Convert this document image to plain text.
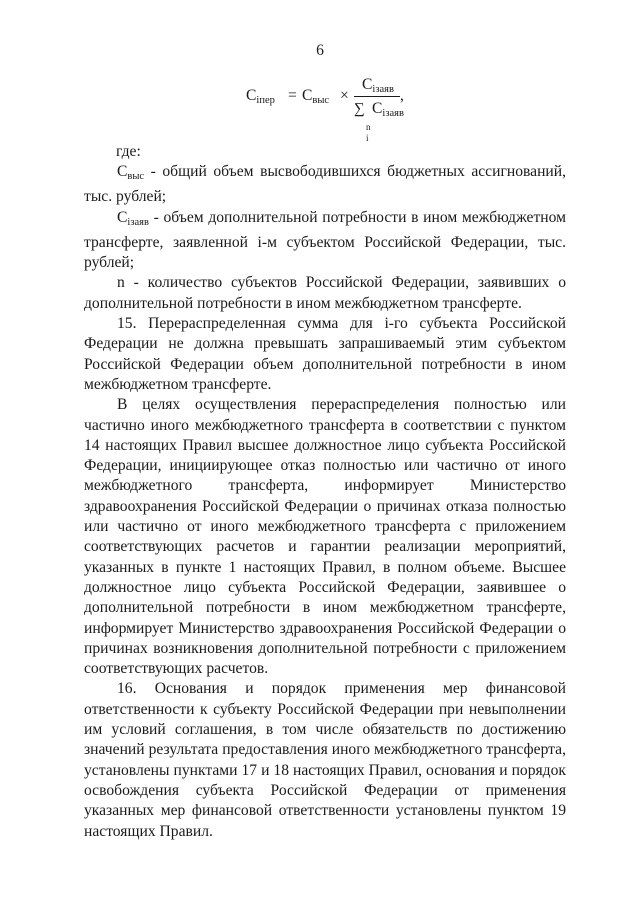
6
$C_{iпер} = C_{выс}$ ×
$C_{iзаяв}$
∑
n
i
$C_{iзаяв}$
,
где:

$C_{выс}$ - общий объем высвободившихся бюджетных ассигнований, тыс. рублей;

$C_{iзаяв}$ - объем дополнительной потребности в ином межбюджетном трансферте, заявленной i-м субъектом Российской Федерации, тыс. рублей;

n - количество субъектов Российской Федерации, заявивших о дополнительной потребности в ином межбюджетном трансферте.

15. Перераспределенная сумма для i-го субъекта Российской Федерации не должна превышать запрашиваемый этим субъектом Российской Федерации объем дополнительной потребности в ином межбюджетном трансферте.

В целях осуществления перераспределения полностью или частично иного межбюджетного трансферта в соответствии с пунктом 14 настоящих Правил высшее должностное лицо субъекта Российской Федерации, инициирующее отказ полностью или частично от иного межбюджетного трансферта, информирует Министерство здравоохранения Российской Федерации о причинах отказа полностью или частично от иного межбюджетного трансферта с приложением соответствующих расчетов и гарантии реализации мероприятий, указанных в пункте 1 настоящих Правил, в полном объеме. Высшее должностное лицо субъекта Российской Федерации, заявившее о дополнительной потребности в ином межбюджетном трансферте, информирует Министерство здравоохранения Российской Федерации о причинах возникновения дополнительной потребности с приложением соответствующих расчетов.

16. Основания и порядок применения мер финансовой ответственности к субъекту Российской Федерации при невыполнении им условий соглашения, в том числе обязательств по достижению значений результата предоставления иного межбюджетного трансферта, установлены пунктами 17 и 18 настоящих Правил, основания и порядок освобождения субъекта Российской Федерации от применения указанных мер финансовой ответственности установлены пунктом 19 настоящих Правил.
